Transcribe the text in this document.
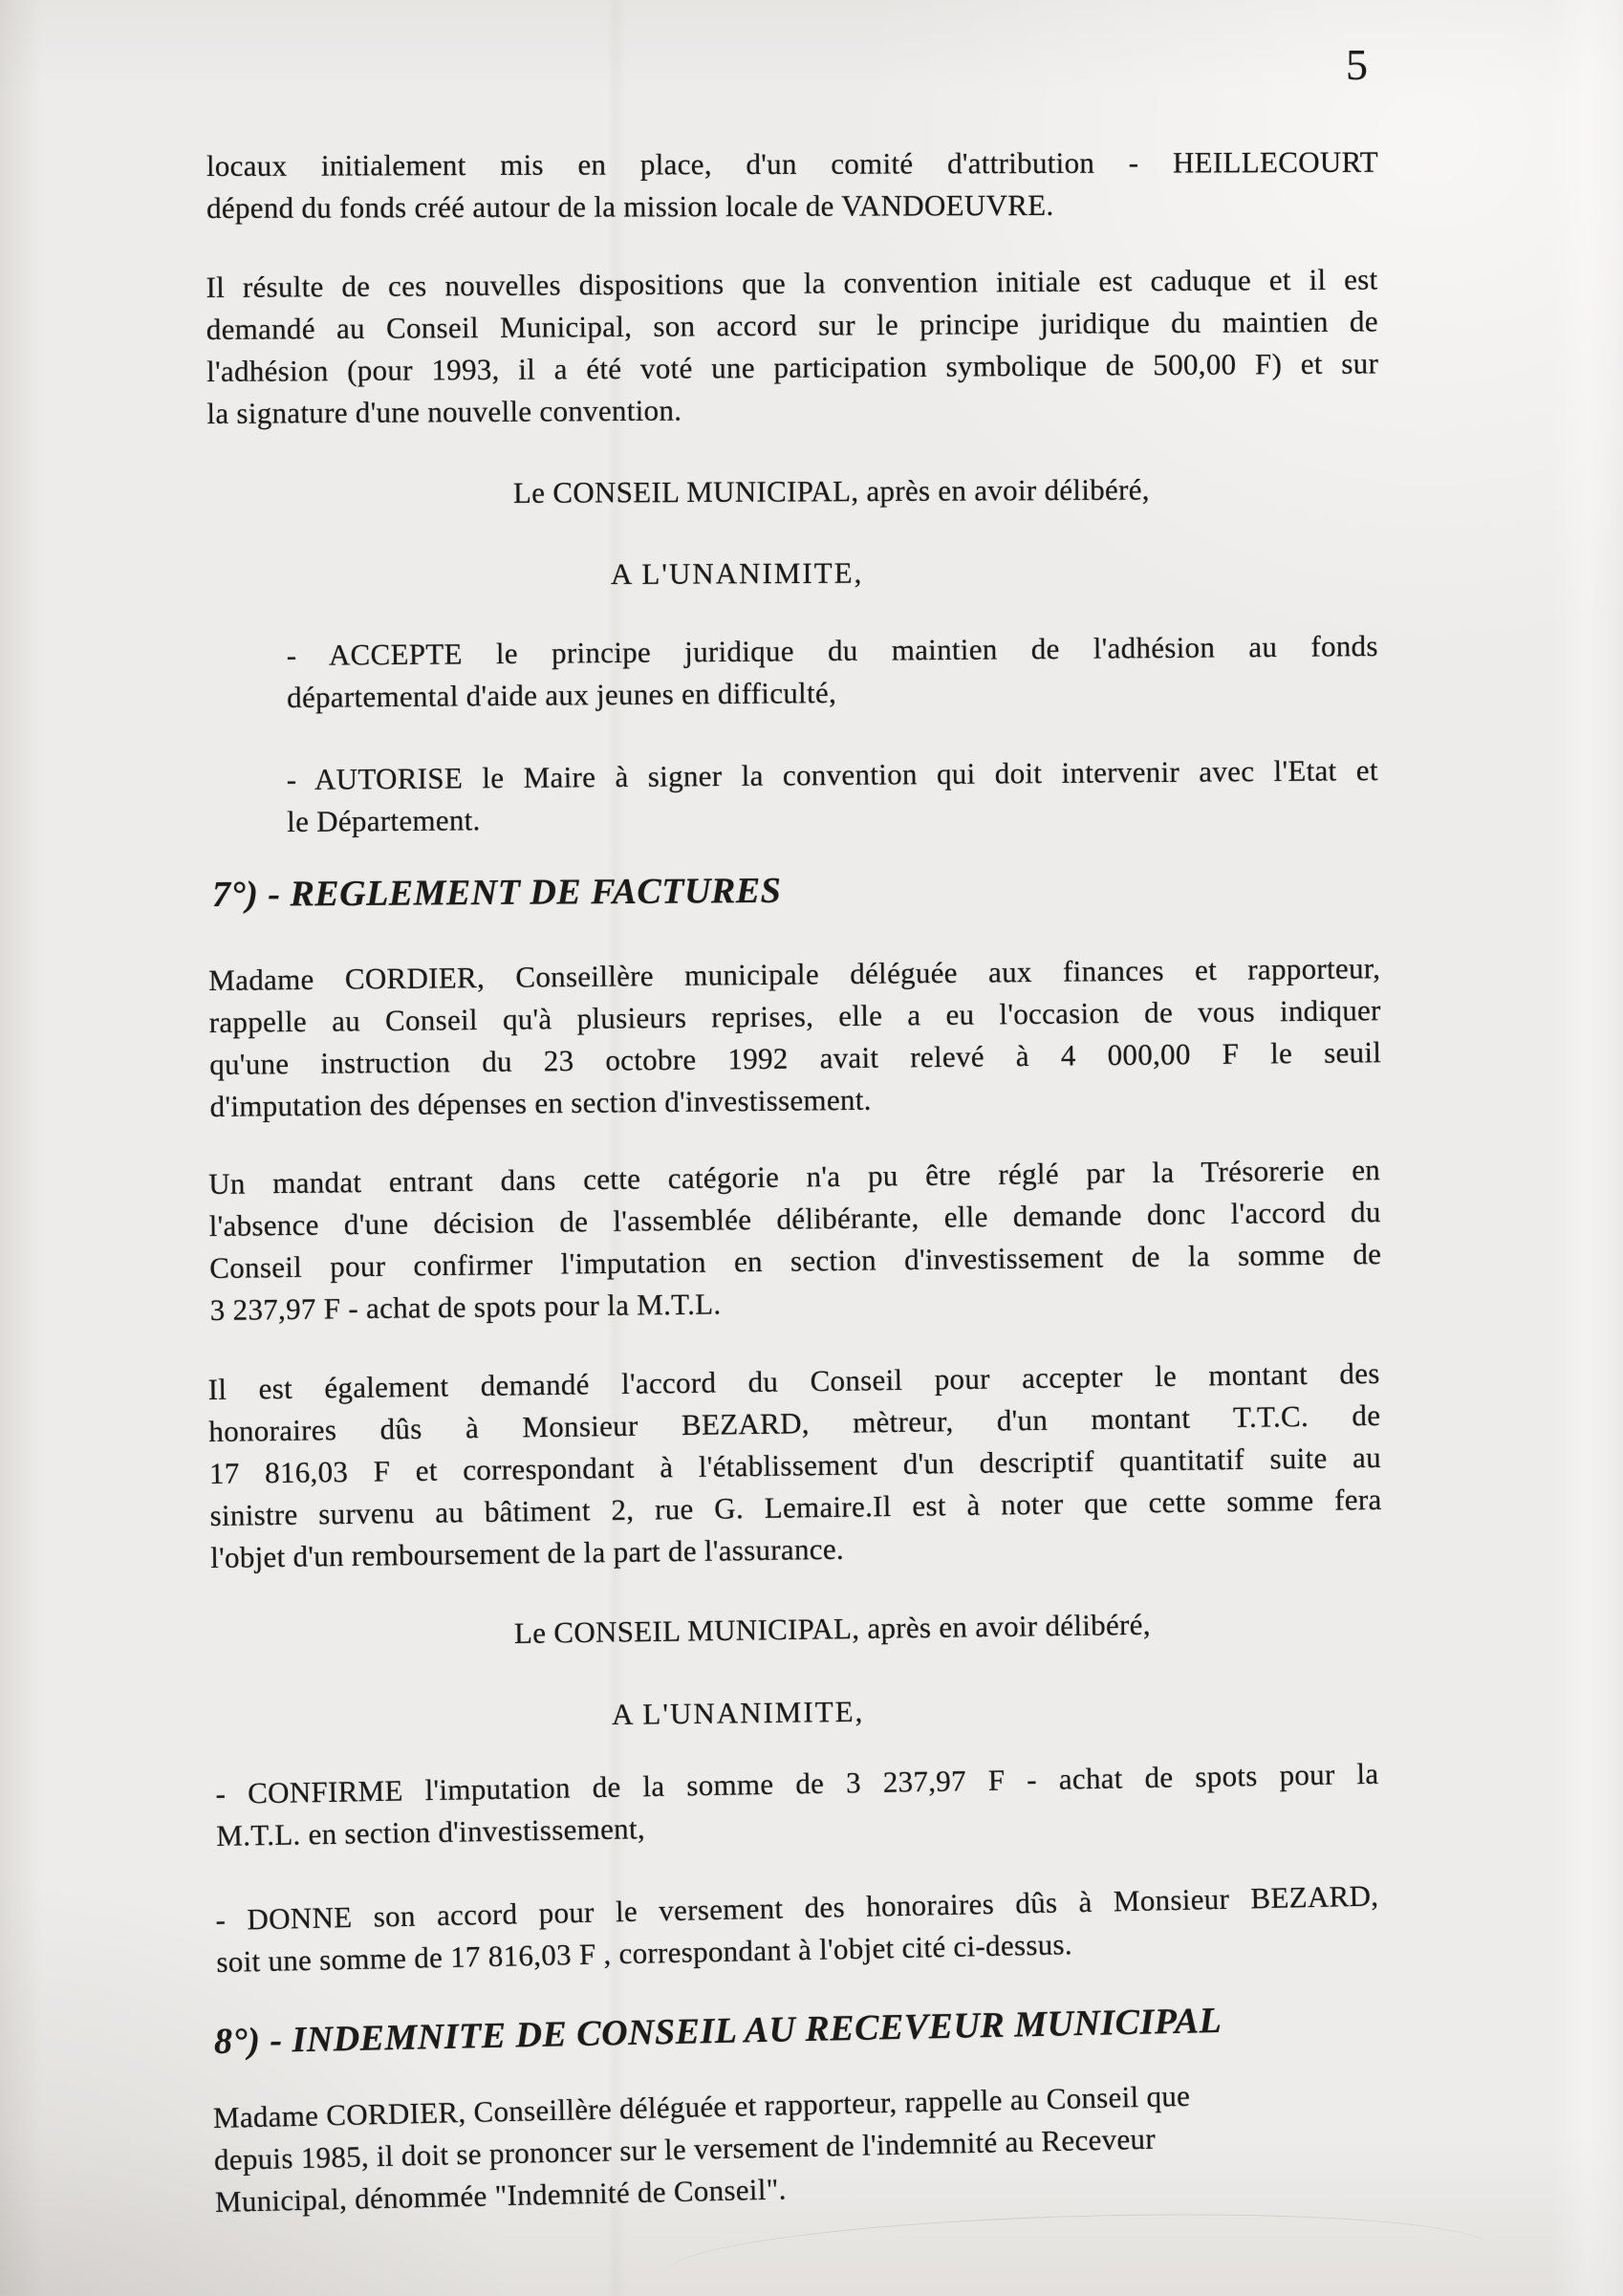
5
locaux initialement mis en place, d'un comité d'attribution - HEILLECOURT
dépend du fonds créé autour de la mission locale de VANDOEUVRE.
Il résulte de ces nouvelles dispositions que la convention initiale est caduque et il est
demandé au Conseil Municipal, son accord sur le principe juridique du maintien de
l'adhésion (pour 1993, il a été voté une participation symbolique de 500,00 F) et sur
la signature d'une nouvelle convention.
Le CONSEIL MUNICIPAL, après en avoir délibéré,
A L'UNANIMITE,
- ACCEPTE le principe juridique du maintien de l'adhésion au fonds
départemental d'aide aux jeunes en difficulté,
- AUTORISE le Maire à signer la convention qui doit intervenir avec l'Etat et
le Département.
7°) - REGLEMENT DE FACTURES
Madame CORDIER, Conseillère municipale déléguée aux finances et rapporteur,
rappelle au Conseil qu'à plusieurs reprises, elle a eu l'occasion de vous indiquer
qu'une instruction du 23 octobre 1992 avait relevé à 4 000,00 F le seuil
d'imputation des dépenses en section d'investissement.
Un mandat entrant dans cette catégorie n'a pu être réglé par la Trésorerie en
l'absence d'une décision de l'assemblée délibérante, elle demande donc l'accord du
Conseil pour confirmer l'imputation en section d'investissement de la somme de
3 237,97 F - achat de spots pour la M.T.L.
Il est également demandé l'accord du Conseil pour accepter le montant des
honoraires dûs à Monsieur BEZARD, mètreur, d'un montant T.T.C. de
17 816,03 F et correspondant à l'établissement d'un descriptif quantitatif suite au
sinistre survenu au bâtiment 2, rue G. Lemaire.Il est à noter que cette somme fera
l'objet d'un remboursement de la part de l'assurance.
Le CONSEIL MUNICIPAL, après en avoir délibéré,
A L'UNANIMITE,
- CONFIRME l'imputation de la somme de 3 237,97 F - achat de spots pour la
M.T.L. en section d'investissement,
- DONNE son accord pour le versement des honoraires dûs à Monsieur BEZARD,
soit une somme de 17 816,03 F , correspondant à l'objet cité ci-dessus.
8°) - INDEMNITE DE CONSEIL AU RECEVEUR MUNICIPAL
Madame CORDIER, Conseillère déléguée et rapporteur, rappelle au Conseil que
depuis 1985, il doit se prononcer sur le versement de l'indemnité au Receveur
Municipal, dénommée "Indemnité de Conseil".
